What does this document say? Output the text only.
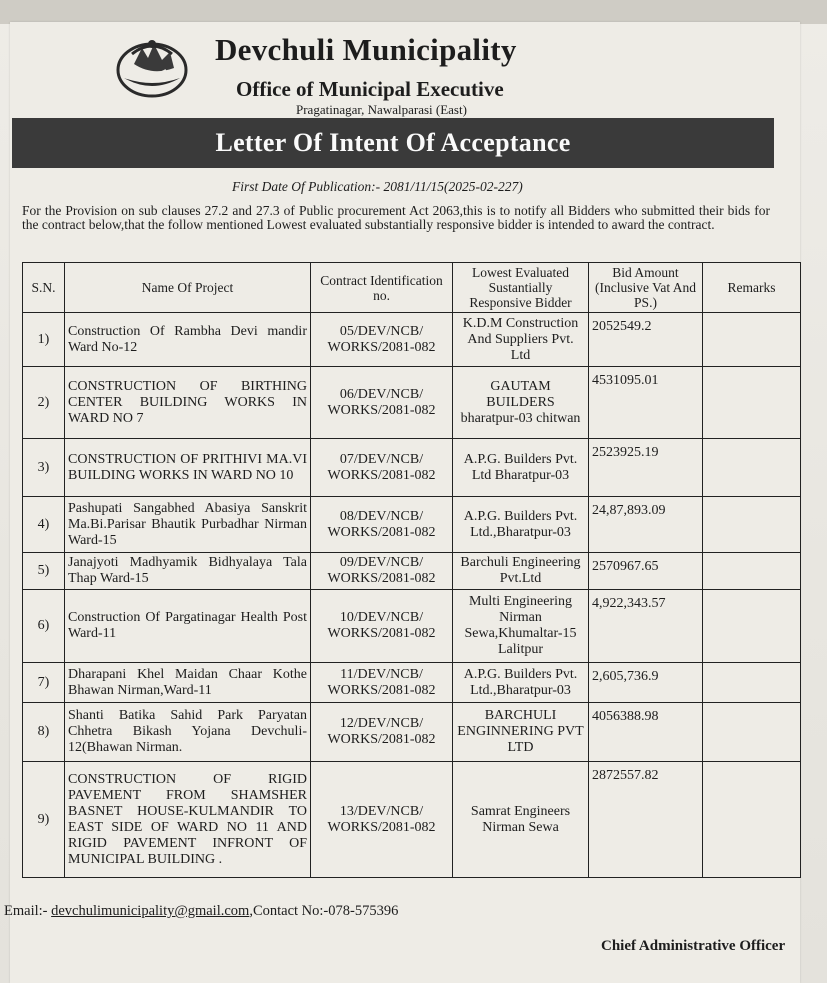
Devchuli Municipality
Office of Municipal Executive
Pragatinagar, Nawalparasi (East)
Letter Of Intent Of Acceptance
First Date Of Publication:- 2081/11/15(2025-02-227)
For the Provision on sub clauses 27.2 and 27.3 of Public procurement Act 2063,this is to notify all Bidders who submitted their bids for the contract below,that the follow mentioned Lowest evaluated substantially responsive bidder is intended to award the contract.
S.N.	Name Of Project	Contract Identification no.	Lowest Evaluated Sustantially Responsive Bidder	Bid Amount (Inclusive Vat And PS.)	Remarks
1)	Construction Of Rambha Devi mandir Ward No-12	05/DEV/NCB/ WORKS/2081-082	K.D.M Construction And Suppliers Pvt. Ltd	2052549.2	
2)	CONSTRUCTION OF BIRTHING CENTER BUILDING WORKS IN WARD NO 7	06/DEV/NCB/ WORKS/2081-082	GAUTAM BUILDERS bharatpur-03 chitwan	4531095.01	
3)	CONSTRUCTION OF PRITHIVI MA.VI BUILDING WORKS IN WARD NO 10	07/DEV/NCB/ WORKS/2081-082	A.P.G. Builders Pvt. Ltd Bharatpur-03	2523925.19	
4)	Pashupati Sangabhed Abasiya Sanskrit Ma.Bi.Parisar Bhautik Purbadhar Nirman Ward-15	08/DEV/NCB/ WORKS/2081-082	A.P.G. Builders Pvt. Ltd.,Bharatpur-03	24,87,893.09	
5)	Janajyoti Madhyamik Bidhyalaya Tala Thap Ward-15	09/DEV/NCB/ WORKS/2081-082	Barchuli Engineering Pvt.Ltd	2570967.65	
6)	Construction Of Pargatinagar Health Post Ward-11	10/DEV/NCB/ WORKS/2081-082	Multi Engineering Nirman Sewa,Khumaltar-15 Lalitpur	4,922,343.57	
7)	Dharapani Khel Maidan Chaar Kothe Bhawan Nirman,Ward-11	11/DEV/NCB/ WORKS/2081-082	A.P.G. Builders Pvt. Ltd.,Bharatpur-03	2,605,736.9	
8)	Shanti Batika Sahid Park Paryatan Chhetra Bikash Yojana Devchuli-12(Bhawan Nirman.	12/DEV/NCB/ WORKS/2081-082	BARCHULI ENGINNERING PVT LTD	4056388.98	
9)	CONSTRUCTION OF RIGID PAVEMENT FROM SHAMSHER BASNET HOUSE-KULMANDIR TO EAST SIDE OF WARD NO 11 AND RIGID PAVEMENT INFRONT OF MUNICIPAL BUILDING .	13/DEV/NCB/ WORKS/2081-082	Samrat Engineers Nirman Sewa	2872557.82	
Email:- devchulimunicipality@gmail.com,Contact No:-078-575396
Chief Administrative Officer
